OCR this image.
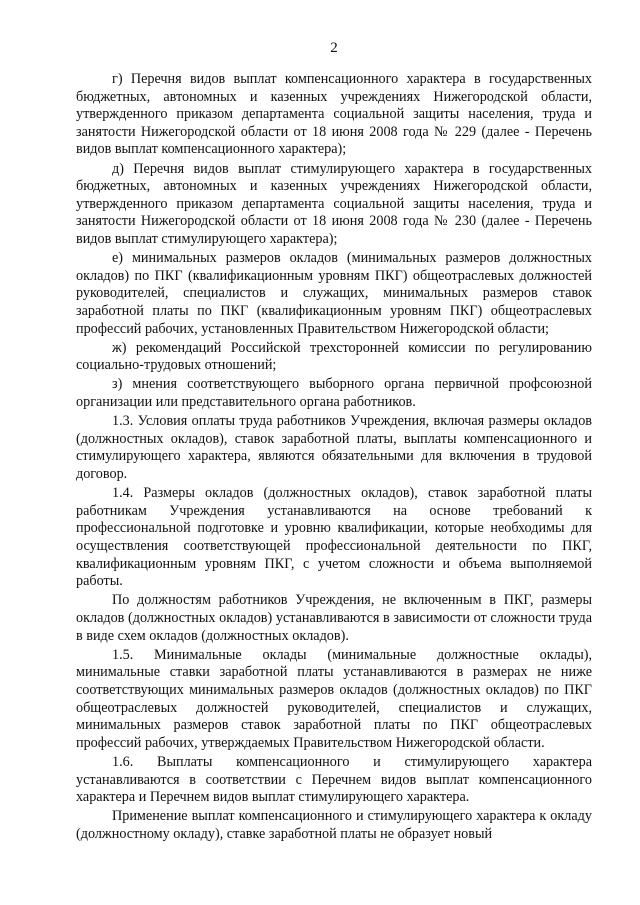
2

г) Перечня видов выплат компенсационного характера в государственных бюджетных, автономных и казенных учреждениях Нижегородской области, утвержденного приказом департамента социальной защиты населения, труда и занятости Нижегородской области от 18 июня 2008 года № 229 (далее - Перечень видов выплат компенсационного характера);

д) Перечня видов выплат стимулирующего характера в государственных бюджетных, автономных и казенных учреждениях Нижегородской области, утвержденного приказом департамента социальной защиты населения, труда и занятости Нижегородской области от 18 июня 2008 года № 230 (далее - Перечень видов выплат стимулирующего характера);

е) минимальных размеров окладов (минимальных размеров должностных окладов) по ПКГ (квалификационным уровням ПКГ) общеотраслевых должностей руководителей, специалистов и служащих, минимальных размеров ставок заработной платы по ПКГ (квалификационным уровням ПКГ) общеотраслевых профессий рабочих, установленных Правительством Нижегородской области;

ж) рекомендаций Российской трехсторонней комиссии по регулированию социально-трудовых отношений;

з) мнения соответствующего выборного органа первичной профсоюзной организации или представительного органа работников.

1.3. Условия оплаты труда работников Учреждения, включая размеры окладов (должностных окладов), ставок заработной платы, выплаты компенсационного и стимулирующего характера, являются обязательными для включения в трудовой договор.

1.4. Размеры окладов (должностных окладов), ставок заработной платы работникам Учреждения устанавливаются на основе требований к профессиональной подготовке и уровню квалификации, которые необходимы для осуществления соответствующей профессиональной деятельности по ПКГ, квалификационным уровням ПКГ, с учетом сложности и объема выполняемой работы.

По должностям работников Учреждения, не включенным в ПКГ, размеры окладов (должностных окладов) устанавливаются в зависимости от сложности труда в виде схем окладов (должностных окладов).

1.5. Минимальные оклады (минимальные должностные оклады), минимальные ставки заработной платы устанавливаются в размерах не ниже соответствующих минимальных размеров окладов (должностных окладов) по ПКГ общеотраслевых должностей руководителей, специалистов и служащих, минимальных размеров ставок заработной платы по ПКГ общеотраслевых профессий рабочих, утверждаемых Правительством Нижегородской области.

1.6. Выплаты компенсационного и стимулирующего характера устанавливаются в соответствии с Перечнем видов выплат компенсационного характера и Перечнем видов выплат стимулирующего характера.

Применение выплат компенсационного и стимулирующего характера к окладу (должностному окладу), ставке заработной платы не образует новый
